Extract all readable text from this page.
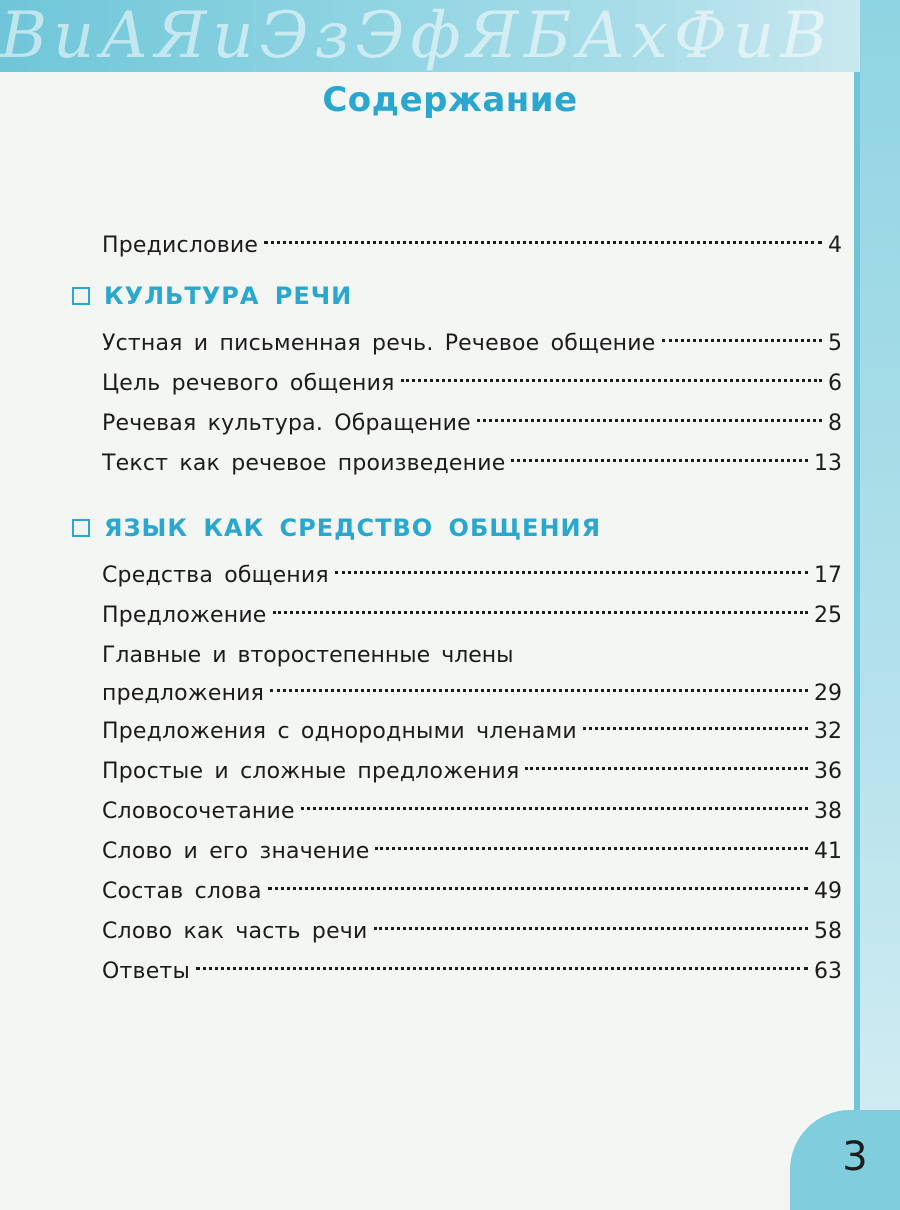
ВиАЯиЭзЭфЯБАхФиВ
Содержание
Предисловие	4
КУЛЬТУРА РЕЧИ
Устная и письменная речь. Речевое общение	5
Цель речевого общения	6
Речевая культура. Обращение	8
Текст как речевое произведение	13
ЯЗЫК КАК СРЕДСТВО ОБЩЕНИЯ
Средства общения	17
Предложение	25
Главные и второстепенные члены
предложения	29
Предложения с однородными членами	32
Простые и сложные предложения	36
Словосочетание	38
Слово и его значение	41
Состав слова	49
Слово как часть речи	58
Ответы	63
3
